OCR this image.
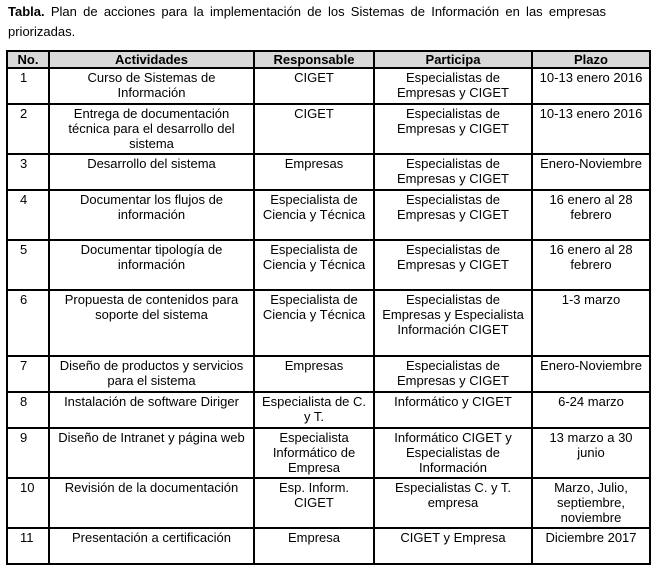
Tabla. Plan de acciones para la implementación de los Sistemas de Información en las empresas priorizadas.
No.	Actividades	Responsable	Participa	Plazo
1	Curso de Sistemas de Información	CIGET	Especialistas de Empresas y CIGET	10-13 enero 2016
2	Entrega de documentación técnica para el desarrollo del sistema	CIGET	Especialistas de Empresas y CIGET	10-13 enero 2016
3	Desarrollo del sistema	Empresas	Especialistas de Empresas y CIGET	Enero-Noviembre
4	Documentar los flujos de información	Especialista de Ciencia y Técnica	Especialistas de Empresas y CIGET	16 enero al 28 febrero
5	Documentar tipología de información	Especialista de Ciencia y Técnica	Especialistas de Empresas y CIGET	16 enero al 28 febrero
6	Propuesta de contenidos para soporte del sistema	Especialista de Ciencia y Técnica	Especialistas de Empresas y Especialista Información CIGET	1-3 marzo
7	Diseño de productos y servicios para el sistema	Empresas	Especialistas de Empresas y CIGET	Enero-Noviembre
8	Instalación de software Diriger	Especialista de C. y T.	Informático y CIGET	6-24 marzo
9	Diseño de Intranet y página web	Especialista Informático de Empresa	Informático CIGET y Especialistas de Información	13 marzo a 30 junio
10	Revisión de la documentación	Esp. Inform. CIGET	Especialistas C. y T. empresa	Marzo, Julio, septiembre, noviembre
11	Presentación a certificación	Empresa	CIGET y Empresa	Diciembre 2017
